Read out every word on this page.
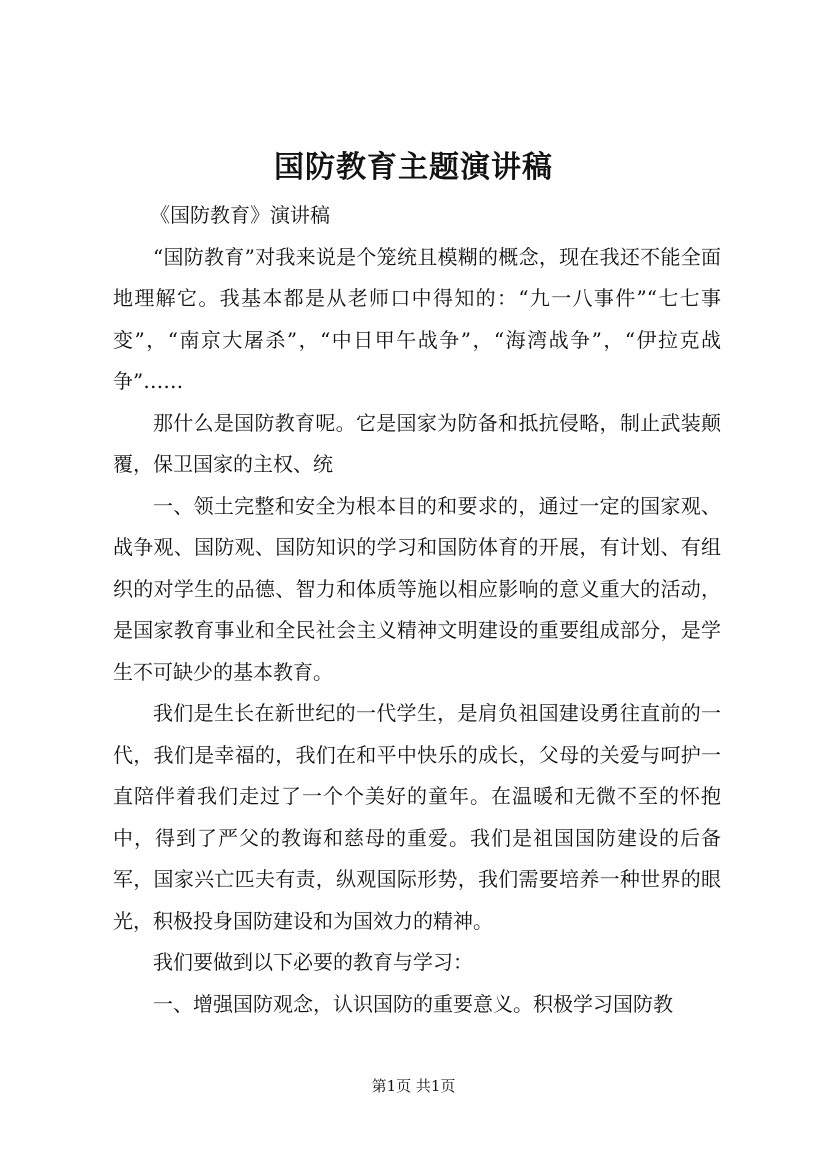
国防教育主题演讲稿

《国防教育》演讲稿

“国防教育”对我来说是个笼统且模糊的概念，现在我还不能全面地理解它。我基本都是从老师口中得知的：“九一八事件”“七七事变”，“南京大屠杀”，“中日甲午战争”，“海湾战争”，“伊拉克战争”……

那什么是国防教育呢。它是国家为防备和抵抗侵略，制止武装颠覆，保卫国家的主权、统

一、领土完整和安全为根本目的和要求的，通过一定的国家观、战争观、国防观、国防知识的学习和国防体育的开展，有计划、有组织的对学生的品德、智力和体质等施以相应影响的意义重大的活动，是国家教育事业和全民社会主义精神文明建设的重要组成部分，是学生不可缺少的基本教育。

我们是生长在新世纪的一代学生，是肩负祖国建设勇往直前的一代，我们是幸福的，我们在和平中快乐的成长，父母的关爱与呵护一直陪伴着我们走过了一个个美好的童年。在温暖和无微不至的怀抱中，得到了严父的教诲和慈母的重爱。我们是祖国国防建设的后备军，国家兴亡匹夫有责，纵观国际形势，我们需要培养一种世界的眼光，积极投身国防建设和为国效力的精神。

我们要做到以下必要的教育与学习：

一、增强国防观念，认识国防的重要意义。积极学习国防教

第1页 共1页
